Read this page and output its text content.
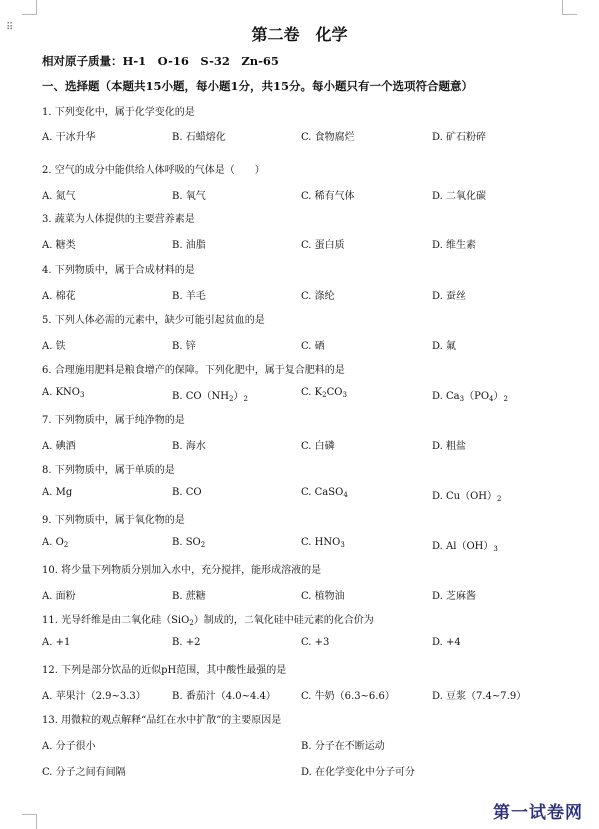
⠿	第二卷　化学
相对原子质量：H-1　O-16　S-32　Zn-65
一、选择题（本题共15小题，每小题1分，共15分。每小题只有一个选项符合题意）
1. 下列变化中，属于化学变化的是
A. 干冰升华	B. 石蜡熔化	C. 食物腐烂	D. 矿石粉碎
2. 空气的成分中能供给人体呼吸的气体是（　　）
A. 氮气	B. 氧气	C. 稀有气体	D. 二氧化碳
3. 蔬菜为人体提供的主要营养素是
A. 糖类	B. 油脂	C. 蛋白质	D. 维生素
4. 下列物质中，属于合成材料的是
A. 棉花	B. 羊毛	C. 涤纶	D. 蚕丝
5. 下列人体必需的元素中，缺少可能引起贫血的是
A. 铁	B. 锌	C. 硒	D. 氟
6. 合理施用肥料是粮食增产的保障。下列化肥中，属于复合肥料的是
A. $KNO_3$	B. $CO(NH_2)_2$
C. $K_2CO_3$	D. $Ca_3(PO_4)_2$
7. 下列物质中，属于纯净物的是
A. 碘酒	B. 海水	C. 白磷	D. 粗盐
8. 下列物质中，属于单质的是
A. Mg	B. CO	C. CaSO$_4$	D. $Cu(OH)_2$
9. 下列物质中，属于氧化物的是
A. $O_2$	B. $SO_2$	C. $HNO_3$	D. $Al(OH)_3$
10. 将少量下列物质分别加入水中，充分搅拌，能形成溶液的是
A. 面粉	B. 蔗糖	C. 植物油	D. 芝麻酱
11. 光导纤维是由二氧化硅（SiO$_2$）制成的，二氧化硅中硅元素的化合价为
A. +1	B. +2	C. +3	D. +4
12. 下列是部分饮品的近似pH范围，其中酸性最强的是
A. 苹果汁（2.9~3.3）	B. 番茄汁（4.0~4.4）	C. 牛奶（6.3~6.6）	D. 豆浆（7.4~7.9）
13. 用微粒的观点解释“品红在水中扩散”的主要原因是
A. 分子很小	B. 分子在不断运动
C. 分子之间有间隔	D. 在化学变化中分子可分
第一试卷网
